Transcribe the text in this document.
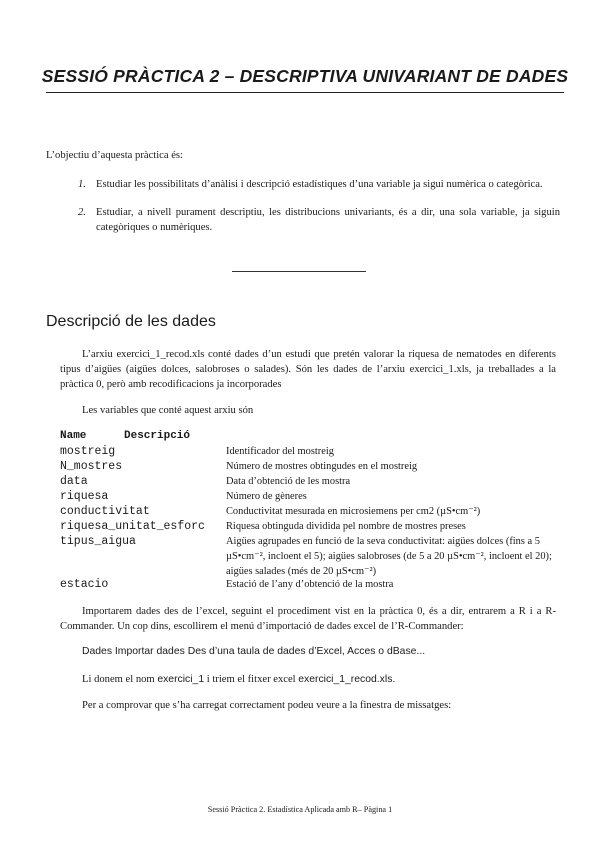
SESSIÓ PRÀCTICA 2 – DESCRIPTIVA UNIVARIANT DE DADES
L’objectiu d’aquesta pràctica és:
1. Estudiar les possibilitats d’anàlisi i descripció estadístiques d’una variable ja sigui numèrica o categòrica.
2. Estudiar, a nivell purament descriptiu, les distribucions univariants, és a dir, una sola variable, ja siguin categòriques o numèriques.
Descripció de les dades
L’arxiu exercici_1_recod.xls conté dades d’un estudi que pretén valorar la riquesa de nematodes en diferents tipus d’aigües (aigües dolces, salobroses o salades). Són les dades de l’arxiu exercici_1.xls, ja treballades a la pràctica 0, però amb recodificacions ja incorporades
Les variables que conté aquest arxiu són
Name	Descripció
mostreig	Identificador del mostreig
N_mostres	Número de mostres obtingudes en el mostreig
data	Data d’obtenció de les mostra
riquesa	Número de gèneres
conductivitat	Conductivitat mesurada en microsiemens per cm2 (µS•cm⁻²)
riquesa_unitat_esforc Riquesa obtinguda dividida pel nombre de mostres preses
tipus_aigua	Aigües agrupades en funció de la seva conductivitat: aigües dolces (fins a 5 µS•cm⁻², incloent el 5); aigües salobroses (de 5 a 20 µS•cm⁻², incloent el 20); aigües salades (més de 20 µS•cm⁻²)
estacio	Estació de l’any d’obtenció de la mostra
Importarem dades des de l’excel, seguint el procediment vist en la pràctica 0, és a dir, entrarem a R i a R-Commander. Un cop dins, escollirem el menú d’importació de dades excel de l’R-Commander:
Dades Importar dades Des d’una taula de dades d’Excel, Acces o dBase...
Li donem el nom exercici_1 i triem el fitxer excel exercici_1_recod.xls.
Per a comprovar que s’ha carregat correctament podeu veure a la finestra de missatges:
Sessió Pràctica 2. Estadística Aplicada amb R– Pàgina 1
